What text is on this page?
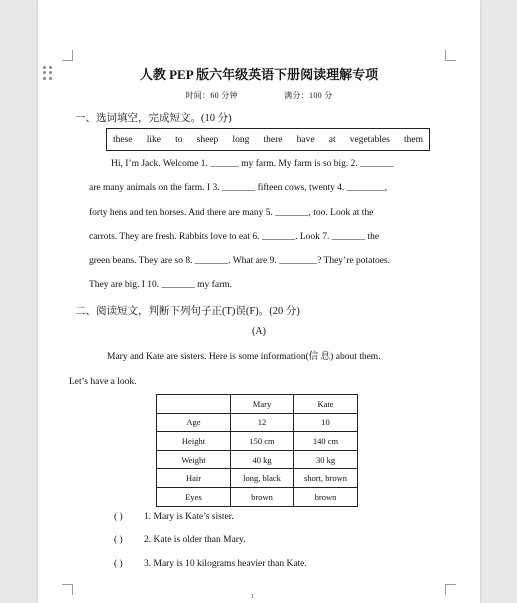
人教 PEP 版六年级英语下册阅读理解专项
时间：60 分钟	满分：100 分
一、选词填空，完成短文。(10 分)
these like to sheep long there have at vegetables them

Hi, I’m Jack. Welcome 1. ______ my farm. My farm is so big. 2. _______

are many animals on the farm. I 3. _______ fifteen cows, twenty 4. ________,

forty hens and ten horses. And there are many 5. _______, too. Look at the

carrots. They are fresh. Rabbits love to eat 6. _______. Look 7. _______ the

green beans. They are so 8. _______. What are 9. ________? They’re potatoes.

They are big. I 10. _______ my farm.

二、阅读短文，判断下列句子正(T)误(F)。(20 分)
(A)

Mary and Kate are sisters. Here is some information(信 息) about them.

Let’s have a look.

	Mary	Kate
Age	12	10
Height	150 cm	140 cm
Weight	40 kg	30 kg
Hair	long, black	short, brown
Eyes	brown	brown
( ) 1. Mary is Kate’s sister.
( ) 2. Kate is older than Mary.
( ) 3. Mary is 10 kilograms heavier than Kate.
1
